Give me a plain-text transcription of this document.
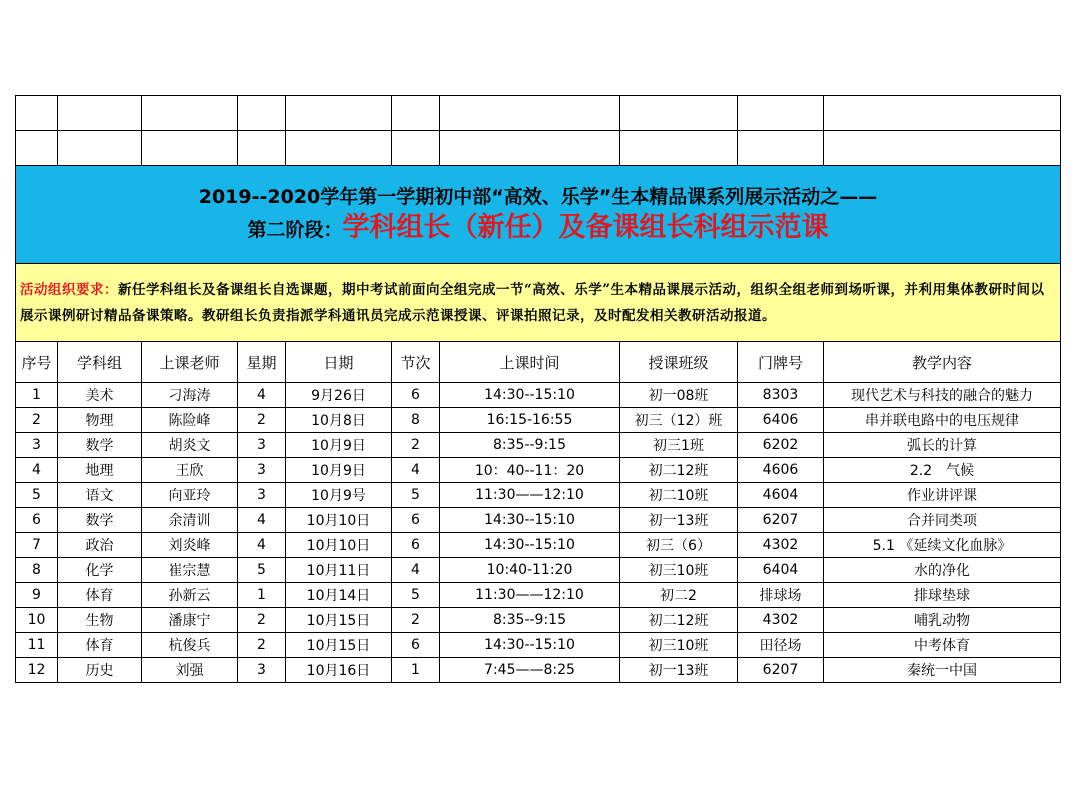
2019--2020学年第一学期初中部“高效、乐学”生本精品课系列展示活动之——
第二阶段：学科组长（新任）及备课组长科组示范课									

活动组织要求：新任学科组长及备课组长自选课题，期中考试前面向全组完成一节“高效、乐学”生本精品课展示活动，组织全组老师到场听课，并利用集体教研时间以展示课例研讨精品备课策略。教研组长负责指派学科通讯员完成示范课授课、评课拍照记录，及时配发相关教研活动报道。									

序号	学科组	上课老师	星期	日期	节次	上课时间	授课班级	门牌号	教学内容
1	美术	刁海涛	4	9月26日	6	14:30--15:10	初一08班	8303	现代艺术与科技的融合的魅力
2	物理	陈险峰	2	10月8日	8	16:15-16:55	初三（12）班	6406	串并联电路中的电压规律
3	数学	胡炎文	3	10月9日	2	8:35--9:15	初三1班	6202	弧长的计算
4	地理	王欣	3	10月9日	4	10：40--11：20	初二12班	4606	2.2　气候
5	语文	向亚玲	3	10月9号	5	11:30——12:10	初二10班	4604	作业讲评课
6	数学	余清训	4	10月10日	6	14:30--15:10	初一13班	6207	合并同类项
7	政治	刘炎峰	4	10月10日	6	14:30--15:10	初三（6）	4302	5.1 《延续文化血脉》
8	化学	崔宗慧	5	10月11日	4	10:40-11:20	初三10班	6404	水的净化
9	体育	孙新云	1	10月14日	5	11:30——12:10	初二2	排球场	排球垫球
10	生物	潘康宁	2	10月15日	2	8:35--9:15	初二12班	4302	哺乳动物
11	体育	杭俊兵	2	10月15日	6	14:30--15:10	初三10班	田径场	中考体育
12	历史	刘强	3	10月16日	1	7:45——8:25	初一13班	6207	秦统一中国
